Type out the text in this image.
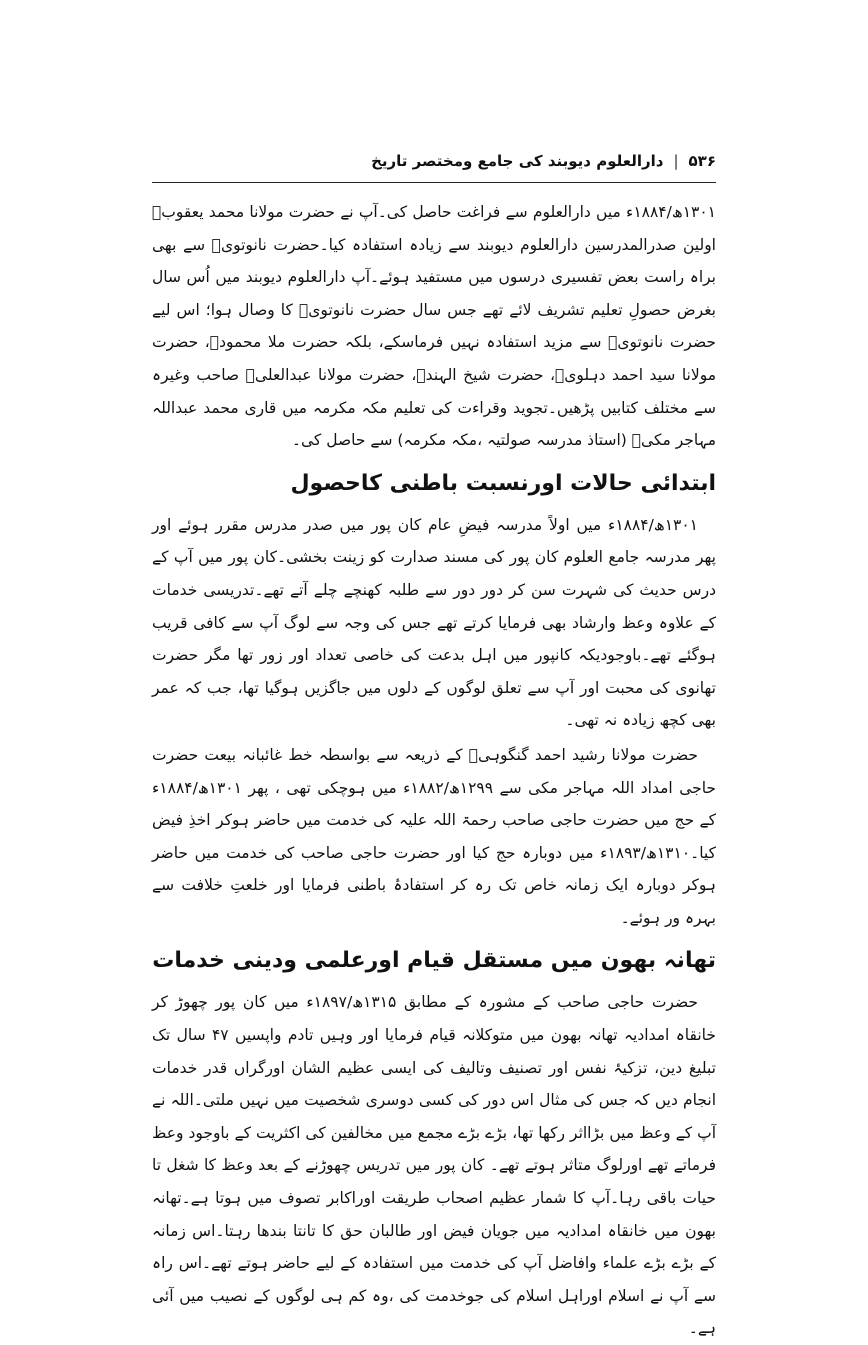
۵۳۶
|
دارالعلوم دیوبند کی جامع ومختصر تاریخ

۱۳۰۱ھ/۱۸۸۴ء میں دارالعلوم سے فراغت حاصل کی۔آپ نے حضرت مولانا محمد یعقوبؒ اولین صدرالمدرسین دارالعلوم دیوبند سے زیادہ استفادہ کیا۔حضرت نانوتویؒ سے بھی براہ راست بعض تفسیری درسوں میں مستفید ہوئے۔آپ دارالعلوم دیوبند میں اُس سال بغرض حصولِ تعلیم تشریف لائے تھے جس سال حضرت نانوتویؒ کا وصال ہوا؛ اس لیے حضرت نانوتویؒ سے مزید استفادہ نہیں فرماسکے، بلکہ حضرت ملا محمودؒ، حضرت مولانا سید احمد دہلویؒ، حضرت شیخ الہندؒ، حضرت مولانا عبدالعلیؒ صاحب وغیرہ سے مختلف کتابیں پڑھیں۔تجوید وقراءت کی تعلیم مکہ مکرمہ میں قاری محمد عبداللہ مہاجر مکیؒ (استاذ مدرسہ صولتیہ ،مکہ مکرمہ) سے حاصل کی۔

ابتدائی حالات اورنسبت باطنی کاحصول

۱۳۰۱ھ/۱۸۸۴ء میں اولاً مدرسہ فیضِ عام کان پور میں صدر مدرس مقرر ہوئے اور پھر مدرسہ جامع العلوم کان پور کی مسند صدارت کو زینت بخشی۔کان پور میں آپ کے درس حدیث کی شہرت سن کر دور دور سے طلبہ کھنچے چلے آتے تھے۔تدریسی خدمات کے علاوہ وعظ وارشاد بھی فرمایا کرتے تھے جس کی وجہ سے لوگ آپ سے کافی قریب ہوگئے تھے۔باوجودیکہ کانپور میں اہل بدعت کی خاصی تعداد اور زور تھا مگر حضرت تھانوی کی محبت اور آپ سے تعلق لوگوں کے دلوں میں جاگزیں ہوگیا تھا، جب کہ عمر بھی کچھ زیادہ نہ تھی۔

حضرت مولانا رشید احمد گنگوہیؒ کے ذریعہ سے بواسطہ خط غائبانہ بیعت حضرت حاجی امداد اللہ مہاجر مکی سے ۱۲۹۹ھ/۱۸۸۲ء میں ہوچکی تھی ، پھر ۱۳۰۱ھ/۱۸۸۴ء کے حج میں حضرت حاجی صاحب رحمۃ اللہ علیہ کی خدمت میں حاضر ہوکر اخذِ فیض کیا۔۱۳۱۰ھ/۱۸۹۳ء میں دوبارہ حج کیا اور حضرت حاجی صاحب کی خدمت میں حاضر ہوکر دوبارہ ایک زمانہ خاص تک رہ کر استفادۂ باطنی فرمایا اور خلعتِ خلافت سے بہرہ ور ہوئے۔

تھانہ بھون میں مستقل قیام اورعلمی ودینی خدمات

حضرت حاجی صاحب کے مشورہ کے مطابق ۱۳۱۵ھ/۱۸۹۷ء میں کان پور چھوڑ کر خانقاہ امدادیہ تھانہ بھون میں متوکلانہ قیام فرمایا اور وہیں تادم واپسیں ۴۷ سال تک تبلیغ دین، تزکیۂ نفس اور تصنیف وتالیف کی ایسی عظیم الشان اورگراں قدر خدمات انجام دیں کہ جس کی مثال اس دور کی کسی دوسری شخصیت میں نہیں ملتی۔اللہ نے آپ کے وعظ میں بڑااثر رکھا تھا، بڑے بڑے مجمع میں مخالفین کی اکثریت کے باوجود وعظ فرماتے تھے اورلوگ متاثر ہوتے تھے۔ کان پور میں تدریس چھوڑنے کے بعد وعظ کا شغل تا حیات باقی رہا۔آپ کا شمار عظیم اصحاب طریقت اوراکابر تصوف میں ہوتا ہے۔تھانہ بھون میں خانقاہ امدادیہ میں جویان فیض اور طالبان حق کا تانتا بندھا رہتا۔اس زمانہ کے بڑے بڑے علماء وافاضل آپ کی خدمت میں استفادہ کے لیے حاضر ہوتے تھے۔اس راہ سے آپ نے اسلام اوراہل اسلام کی جوخدمت کی ،وہ کم ہی لوگوں کے نصیب میں آئی ہے۔
